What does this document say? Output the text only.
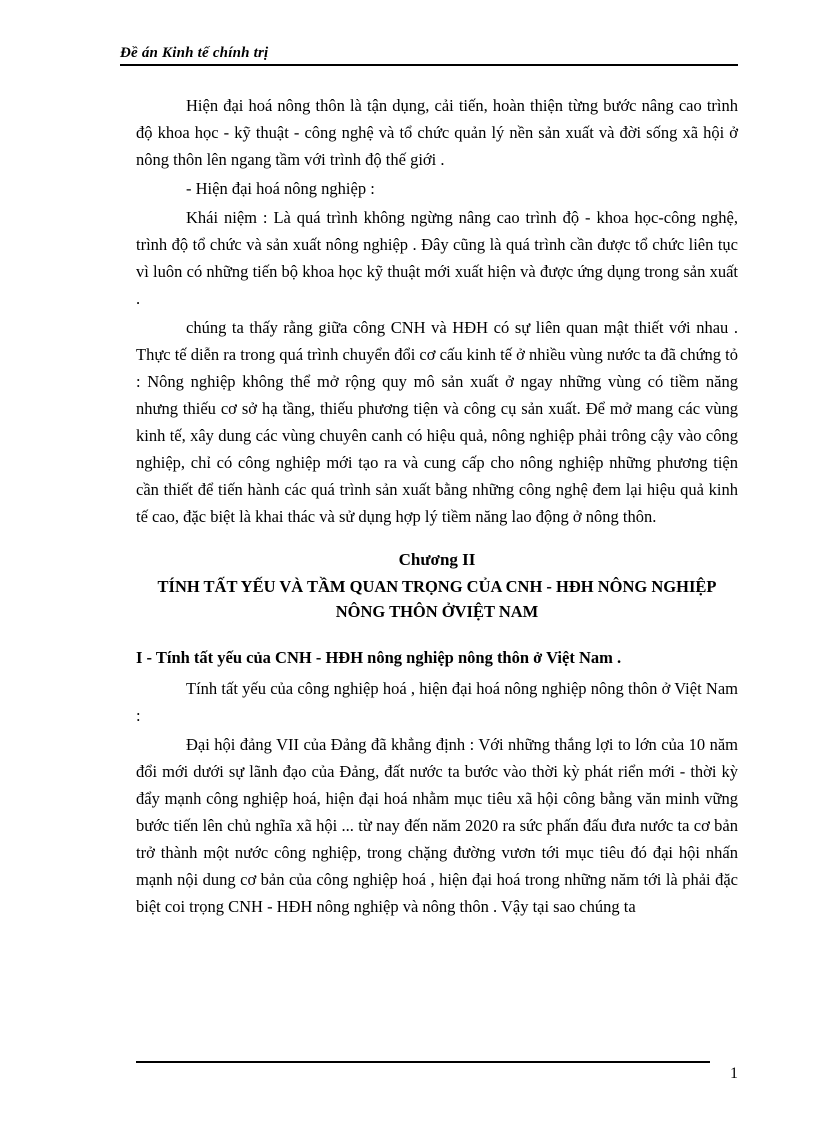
Đề án Kinh tế chính trị

Hiện đại hoá nông thôn là tận dụng, cải tiến, hoàn thiện từng bước nâng cao trình độ khoa học - kỹ thuật - công nghệ và tổ chức quản lý nền sản xuất và đời sống xã hội ở nông thôn lên ngang tầm với trình độ thế giới .

- Hiện đại hoá nông nghiệp :

Khái niệm : Là quá trình không ngừng nâng cao trình độ - khoa học-công nghệ, trình độ tổ chức và sản xuất nông nghiệp . Đây cũng là quá trình cần được tổ chức liên tục vì luôn có những tiến bộ khoa học kỹ thuật mới xuất hiện và được ứng dụng trong sản xuất .

chúng ta thấy rằng giữa công CNH và HĐH có sự liên quan mật thiết với nhau . Thực tế diễn ra trong quá trình chuyển đổi cơ cấu kinh tế ở nhiều vùng nước ta đã chứng tỏ : Nông nghiệp không thể mở rộng quy mô sản xuất ở ngay những vùng có tiềm năng nhưng thiếu cơ sở hạ tầng, thiếu phương tiện và công cụ sản xuất. Để mở mang các vùng kinh tế, xây dung các vùng chuyên canh có hiệu quả, nông nghiệp phải trông cậy vào công nghiệp, chỉ có công nghiệp mới tạo ra và cung cấp cho nông nghiệp những phương tiện cần thiết để tiến hành các quá trình sản xuất bằng những công nghệ đem lại hiệu quả kinh tế cao, đặc biệt là khai thác và sử dụng hợp lý tiềm năng lao động ở nông thôn.

Chương II
TÍNH TẤT YẾU VÀ TẦM QUAN TRỌNG CỦA CNH - HĐH NÔNG NGHIỆP NÔNG THÔN ỞVIỆT NAM
I - Tính tất yếu của CNH - HĐH nông nghiệp nông thôn ở Việt Nam .

Tính tất yếu của công nghiệp hoá , hiện đại hoá nông nghiệp nông thôn ở Việt Nam :

Đại hội đảng VII của Đảng đã khẳng định : Với những thắng lợi to lớn của 10 năm đổi mới dưới sự lãnh đạo của Đảng, đất nước ta bước vào thời kỳ phát riển mới - thời kỳ đẩy mạnh công nghiệp hoá, hiện đại hoá nhằm mục tiêu xã hội công bằng văn minh vững bước tiến lên chủ nghĩa xã hội ... từ nay đến năm 2020 ra sức phấn đấu đưa nước ta cơ bản trở thành một nước công nghiệp, trong chặng đường vươn tới mục tiêu đó đại hội nhấn mạnh nội dung cơ bản của công nghiệp hoá , hiện đại hoá trong những năm tới là phải đặc biệt coi trọng CNH - HĐH nông nghiệp và nông thôn . Vậy tại sao chúng ta

1
